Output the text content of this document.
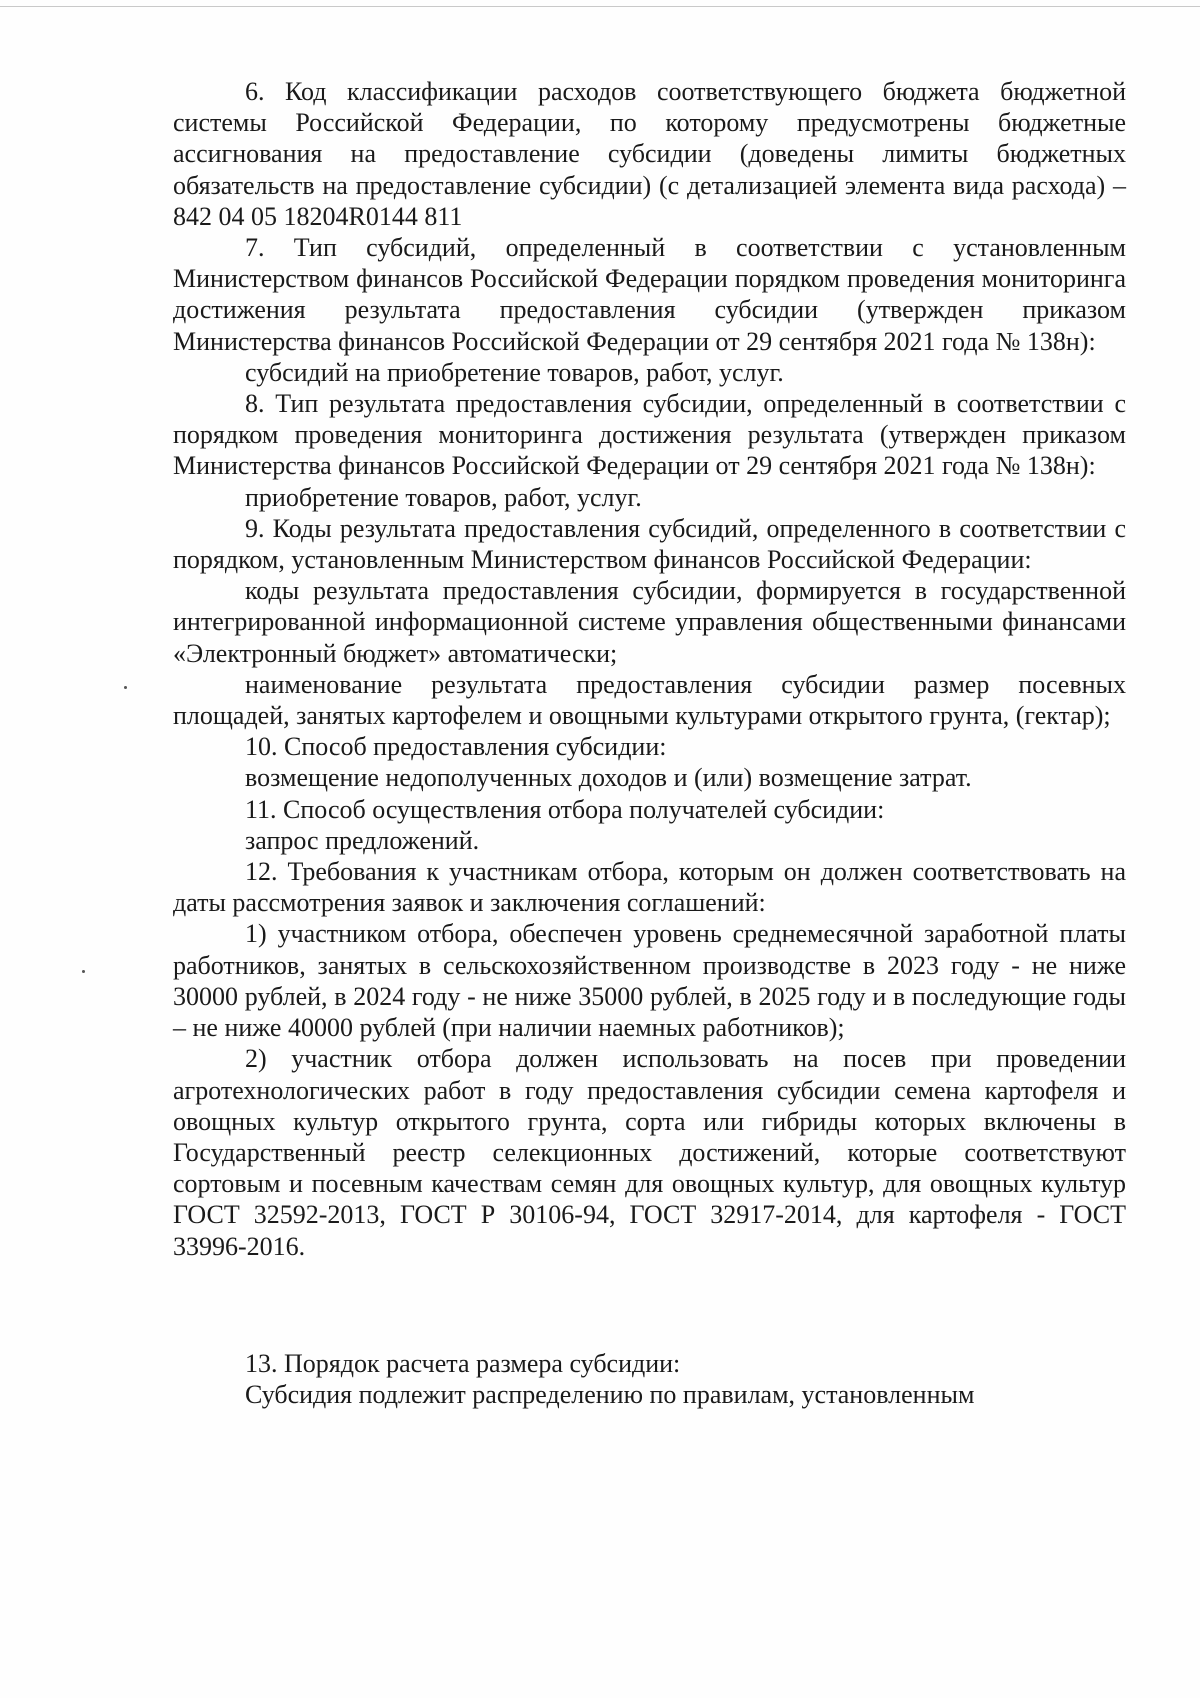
6. Код классификации расходов соответствующего бюджета бюджетной системы Российской Федерации, по которому предусмотрены бюджетные ассигнования на предоставление субсидии (доведены лимиты бюджетных обязательств на предоставление субсидии) (с детализацией элемента вида расхода) – 842 04 05 18204R0144 811

7. Тип субсидий, определенный в соответствии с установленным Министерством финансов Российской Федерации порядком проведения мониторинга достижения результата предоставления субсидии (утвержден приказом Министерства финансов Российской Федерации от 29 сентября 2021 года № 138н):

субсидий на приобретение товаров, работ, услуг.

8. Тип результата предоставления субсидии, определенный в соответствии с порядком проведения мониторинга достижения результата (утвержден приказом Министерства финансов Российской Федерации от 29 сентября 2021 года № 138н):

приобретение товаров, работ, услуг.

9. Коды результата предоставления субсидий, определенного в соответствии с порядком, установленным Министерством финансов Российской Федерации:

коды результата предоставления субсидии, формируется в государственной интегрированной информационной системе управления общественными финансами «Электронный бюджет» автоматически;

наименование результата предоставления субсидии размер посевных площадей, занятых картофелем и овощными культурами открытого грунта, (гектар);

10. Способ предоставления субсидии:

возмещение недополученных доходов и (или) возмещение затрат.

11. Способ осуществления отбора получателей субсидии:

запрос предложений.

12. Требования к участникам отбора, которым он должен соответствовать на даты рассмотрения заявок и заключения соглашений:

1) участником отбора, обеспечен уровень среднемесячной заработной платы работников, занятых в сельскохозяйственном производстве в 2023 году - не ниже 30000 рублей, в 2024 году - не ниже 35000 рублей, в 2025 году и в последующие годы – не ниже 40000 рублей (при наличии наемных работников);

2) участник отбора должен использовать на посев при проведении агротехнологических работ в году предоставления субсидии семена картофеля и овощных культур открытого грунта, сорта или гибриды которых включены в Государственный реестр селекционных достижений, которые соответствуют сортовым и посевным качествам семян для овощных культур, для овощных культур ГОСТ 32592-2013, ГОСТ Р 30106-94, ГОСТ 32917-2014, для картофеля - ГОСТ 33996-2016.

13. Порядок расчета размера субсидии:

Субсидия подлежит распределению по правилам, установленным
